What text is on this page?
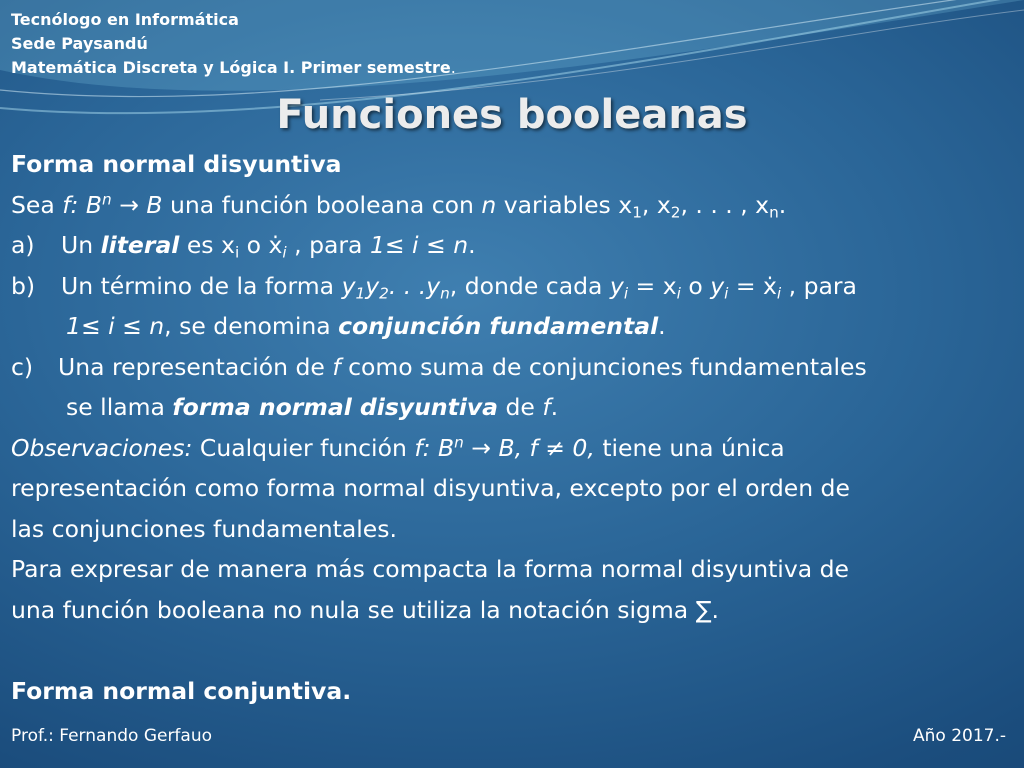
Tecnólogo en Informática
Sede Paysandú
Matemática Discreta y Lógica I. Primer semestre.
Funciones booleanas
Forma normal disyuntiva
Sea f: $B^n \to B$ una función booleana con n variables $x_1$, $x_2$, . . . , $x_n$.
a) Un literal es $x_i$ o ẋ$_i$ , para 1≤ i ≤ n.
b) Un término de la forma $y_1y_2$. . $.y_n$, donde cada $y_i = x_i$ o $y_i$ = ẋ$_i$ , para
1≤ i ≤ n, se denomina conjunción fundamental.
c) Una representación de f como suma de conjunciones fundamentales
se llama forma normal disyuntiva de f.
Observaciones: Cualquier función f: $B^n \to B$, f ≠ 0, tiene una única
representación como forma normal disyuntiva, excepto por el orden de
las conjunciones fundamentales.
Para expresar de manera más compacta la forma normal disyuntiva de
una función booleana no nula se utiliza la notación sigma ∑.
Forma normal conjuntiva.
Prof.: Fernando Gerfauo	Año 2017.-
